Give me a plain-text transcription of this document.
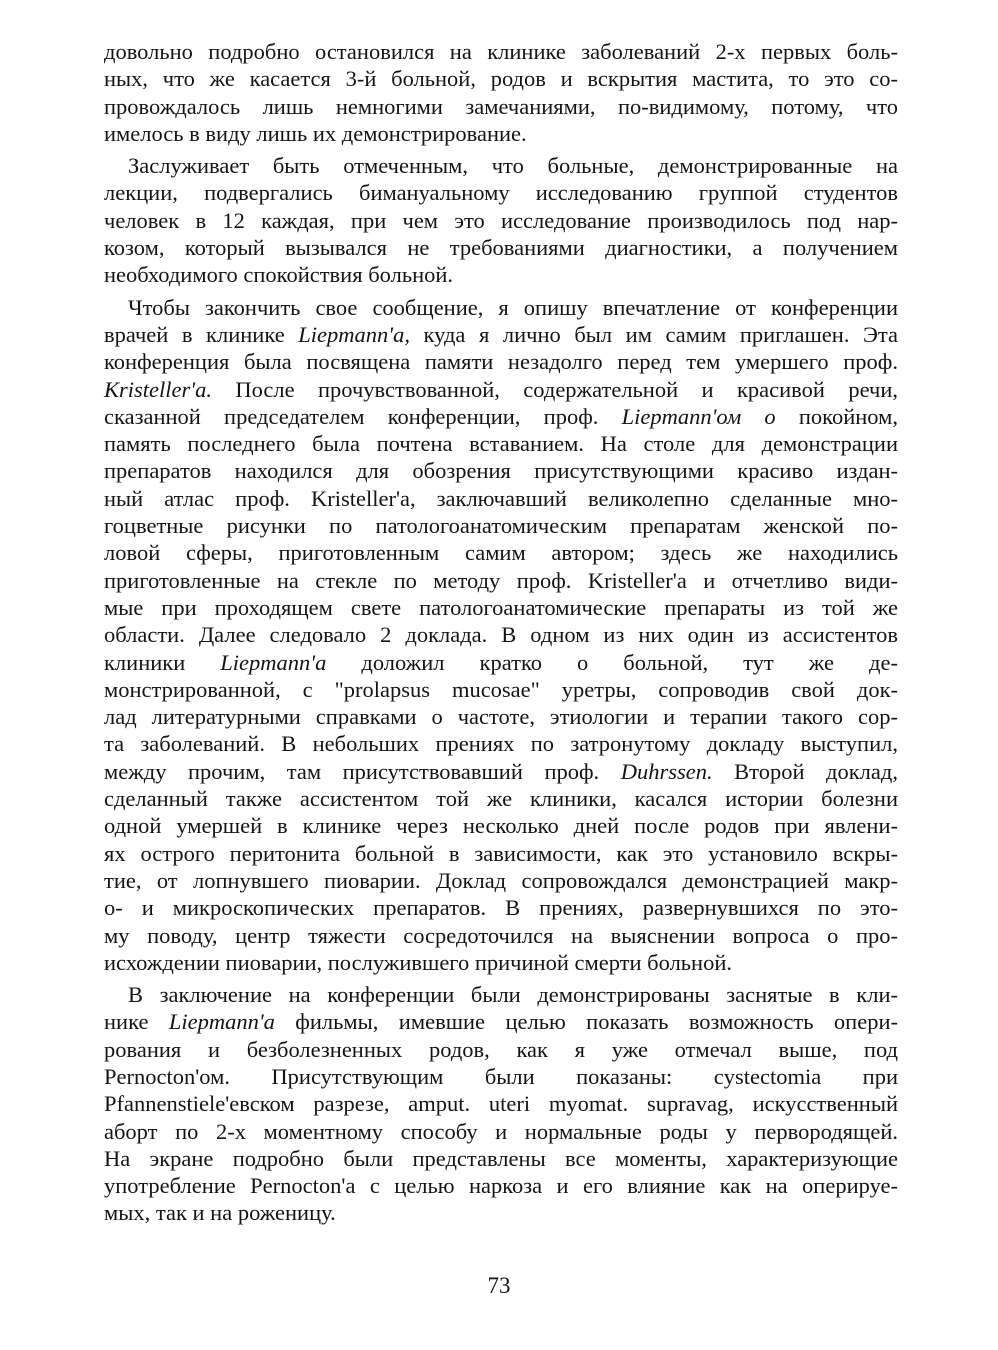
довольно подробно остановился на клинике заболеваний 2-х первых боль-
ных, что же касается 3-й больной, родов и вскрытия мастита, то это со-
провождалось лишь немногими замечаниями, по-видимому, потому, что
имелось в виду лишь их демонстрирование.
Заслуживает быть отмеченным, что больные, демонстрированные на
лекции, подвергались бимануальному исследованию группой студентов
человек в 12 каждая, при чем это исследование производилось под нар-
козом, который вызывался не требованиями диагностики, а получением
необходимого спокойствия больной.
Чтобы закончить свое сообщение, я опишу впечатление от конференции
врачей в клинике Liepmann'a, куда я лично был им самим приглашен. Эта
конференция была посвящена памяти незадолго перед тем умершего проф.
Kristeller'a. После прочувствованной, содержательной и красивой речи,
сказанной председателем конференции, проф. Liepmann'ом о покойном,
память последнего была почтена вставанием. На столе для демонстрации
препаратов находился для обозрения присутствующими красиво издан-
ный атлас проф. Kristeller'a, заключавший великолепно сделанные мно-
гоцветные рисунки по патологоанатомическим препаратам женской по-
ловой сферы, приготовленным самим автором; здесь же находились
приготовленные на стекле по методу проф. Kristeller'a и отчетливо види-
мые при проходящем свете патологоанатомические препараты из той же
области. Далее следовало 2 доклада. В одном из них один из ассистентов
клиники Liepmann'a доложил кратко о больной, тут же де-
монстрированной, с "prolapsus mucosae" уретры, сопроводив свой док-
лад литературными справками о частоте, этиологии и терапии такого сор-
та заболеваний. В небольших прениях по затронутому докладу выступил,
между прочим, там присутствовавший проф. Duhrssen. Второй доклад,
сделанный также ассистентом той же клиники, касался истории болезни
одной умершей в клинике через несколько дней после родов при явлени-
ях острого перитонита больной в зависимости, как это установило вскры-
тие, от лопнувшего пиоварии. Доклад сопровождался демонстрацией макр-
о- и микроскопических препаратов. В прениях, развернувшихся по это-
му поводу, центр тяжести сосредоточился на выяснении вопроса о про-
исхождении пиоварии, послужившего причиной смерти больной.
В заключение на конференции были демонстрированы заснятые в кли-
нике Liepmann'a фильмы, имевшие целью показать возможность опери-
рования и безболезненных родов, как я уже отмечал выше, под
Pernocton'ом. Присутствующим были показаны: cystectomia при
Pfannenstiele'евском разрезе, amput. uteri myomat. supravag, искусственный
аборт по 2-х моментному способу и нормальные роды у первородящей.
На экране подробно были представлены все моменты, характеризующие
употребление Pernocton'a с целью наркоза и его влияние как на оперируе-
мых, так и на роженицу.
73
